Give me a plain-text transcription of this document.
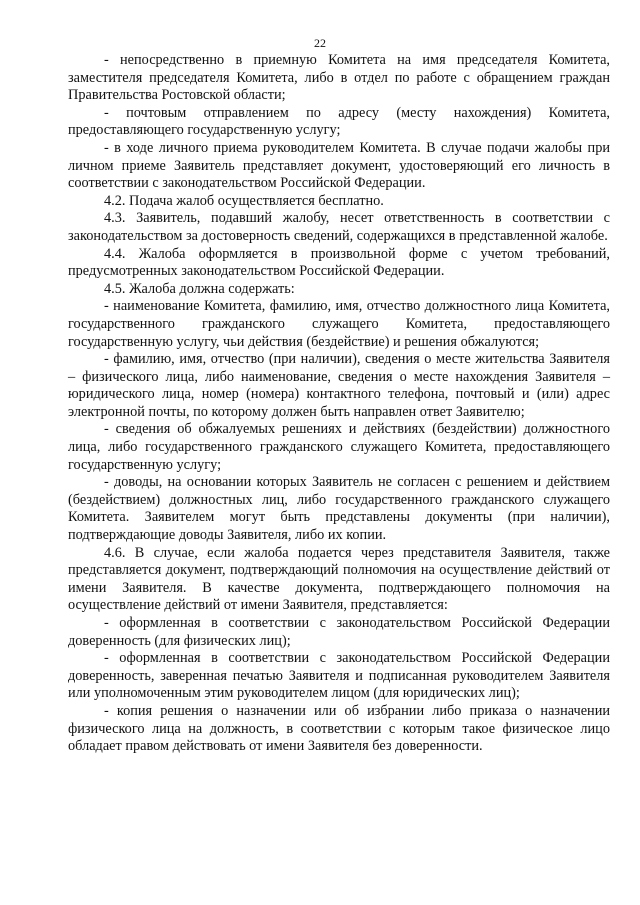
22

- непосредственно в приемную Комитета на имя председателя Комитета, заместителя председателя Комитета, либо в отдел по работе с обращением граждан Правительства Ростовской области;

- почтовым отправлением по адресу (месту нахождения) Комитета, предоставляющего государственную услугу;

- в ходе личного приема руководителем Комитета. В случае подачи жалобы при личном приеме Заявитель представляет документ, удостоверяющий его личность в соответствии с законодательством Российской Федерации.

4.2. Подача жалоб осуществляется бесплатно.

4.3. Заявитель, подавший жалобу, несет ответственность в соответствии с законодательством за достоверность сведений, содержащихся в представленной жалобе.

4.4. Жалоба оформляется в произвольной форме с учетом требований, предусмотренных законодательством Российской Федерации.

4.5. Жалоба должна содержать:

- наименование Комитета, фамилию, имя, отчество должностного лица Комитета, государственного гражданского служащего Комитета, предоставляющего государственную услугу, чьи действия (бездействие) и решения обжалуются;

- фамилию, имя, отчество (при наличии), сведения о месте жительства Заявителя – физического лица, либо наименование, сведения о месте нахождения Заявителя – юридического лица, номер (номера) контактного телефона, почтовый и (или) адрес электронной почты, по которому должен быть направлен ответ Заявителю;

- сведения об обжалуемых решениях и действиях (бездействии) должностного лица, либо государственного гражданского служащего Комитета, предоставляющего государственную услугу;

- доводы, на основании которых Заявитель не согласен с решением и действием (бездействием) должностных лиц, либо государственного гражданского служащего Комитета. Заявителем могут быть представлены документы (при наличии), подтверждающие доводы Заявителя, либо их копии.

4.6. В случае, если жалоба подается через представителя Заявителя, также представляется документ, подтверждающий полномочия на осуществление действий от имени Заявителя. В качестве документа, подтверждающего полномочия на осуществление действий от имени Заявителя, представляется:

- оформленная в соответствии с законодательством Российской Федерации доверенность (для физических лиц);

- оформленная в соответствии с законодательством Российской Федерации доверенность, заверенная печатью Заявителя и подписанная руководителем Заявителя или уполномоченным этим руководителем лицом (для юридических лиц);

- копия решения о назначении или об избрании либо приказа о назначении физического лица на должность, в соответствии с которым такое физическое лицо обладает правом действовать от имени Заявителя без доверенности.
